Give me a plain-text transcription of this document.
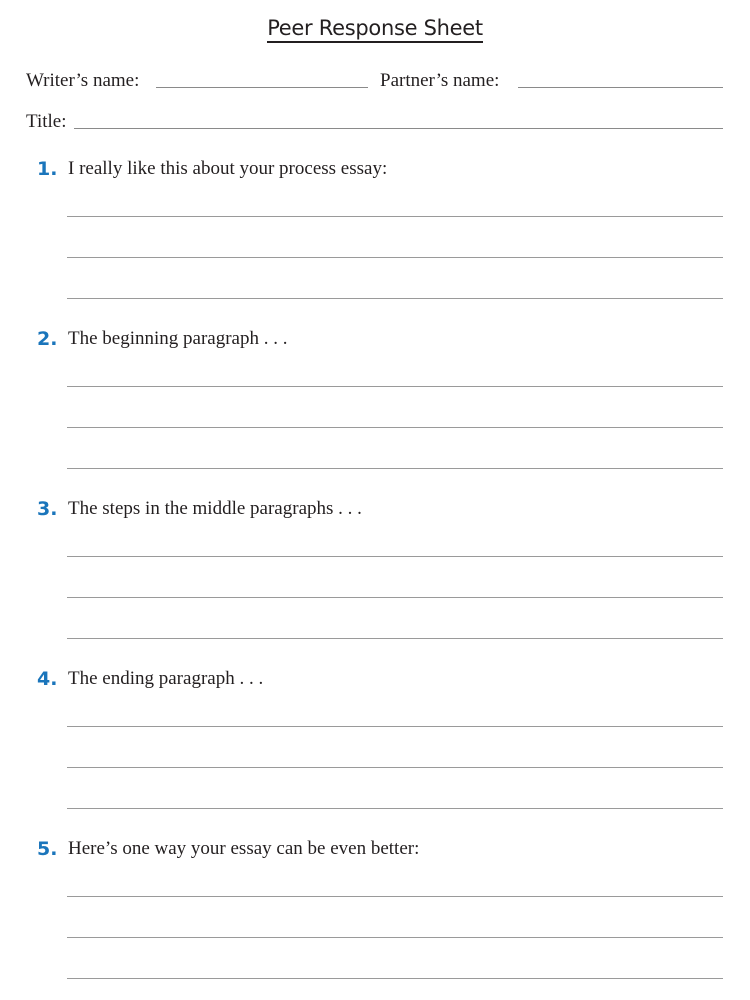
Peer Response Sheet
Writer’s name:	Partner’s name:
Title:
1. I really like this about your process essay:
2. The beginning paragraph . . .
3. The steps in the middle paragraphs . . .
4. The ending paragraph . . .
5. Here’s one way your essay can be even better:
